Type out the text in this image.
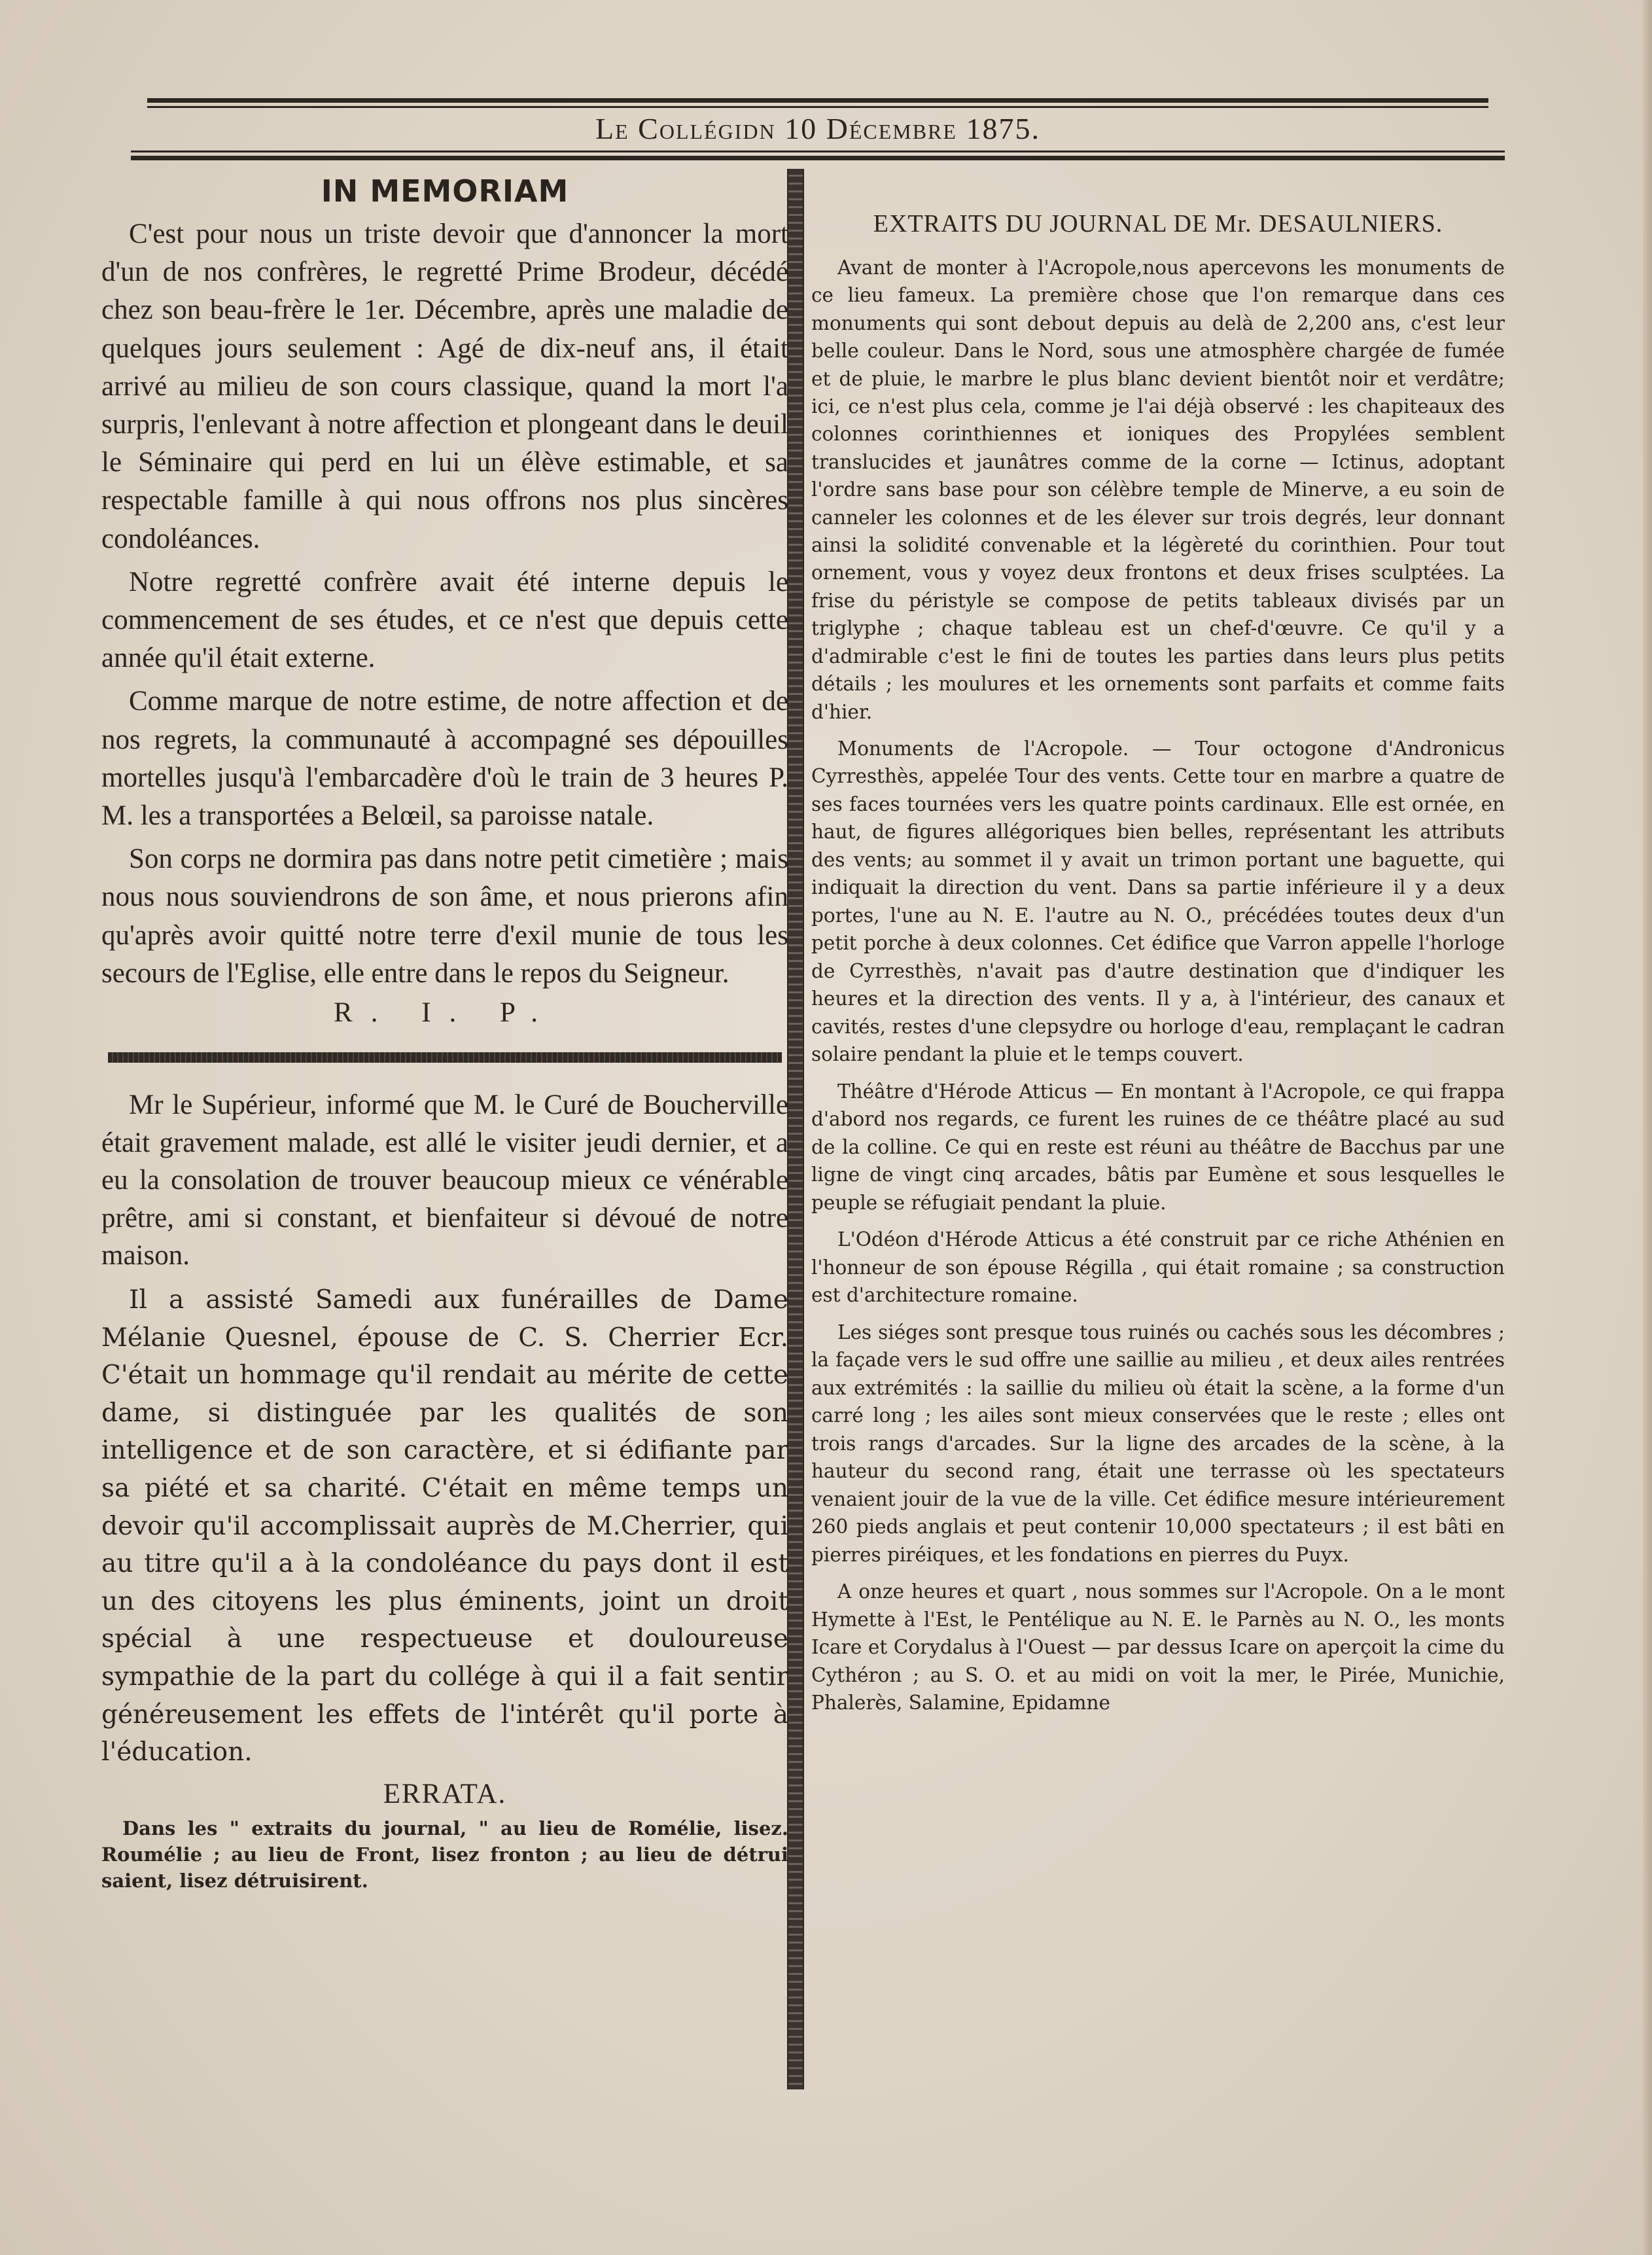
Le Collégidn 10 Décembre 1875.
IN MEMORIAM

C'est pour nous un triste devoir que d'annoncer la mort d'un de nos confrères, le regretté Prime Brodeur, décédé chez son beau-frère le 1er. Décembre, après une maladie de quelques jours seulement : Agé de dix-neuf ans, il était arrivé au milieu de son cours classique, quand la mort l'a surpris, l'enlevant à notre affection et plongeant dans le deuil le Séminaire qui perd en lui un élève estimable, et sa respectable famille à qui nous offrons nos plus sincères condoléances.

Notre regretté confrère avait été interne depuis le commencement de ses études, et ce n'est que depuis cette année qu'il était externe.

Comme marque de notre estime, de notre affection et de nos regrets, la communauté à accompagné ses dépouilles mortelles jusqu'à l'embarcadère d'où le train de 3 heures P. M. les a transportées a Belœil, sa paroisse natale.

Son corps ne dormira pas dans notre petit cimetière ; mais nous nous souviendrons de son âme, et nous prierons afin qu'après avoir quitté notre terre d'exil munie de tous les secours de l'Eglise, elle entre dans le repos du Seigneur.

R. I. P.

Mr le Supérieur, informé que M. le Curé de Boucherville était gravement malade, est allé le visiter jeudi dernier, et a eu la consolation de trouver beaucoup mieux ce vénérable prêtre, ami si constant, et bienfaiteur si dévoué de notre maison.

Il a assisté Samedi aux funérailles de Dame Mélanie Quesnel, épouse de C. S. Cherrier Ecr. C'était un hommage qu'il rendait au mérite de cette dame, si distinguée par les qualités de son intelligence et de son caractère, et si édifiante par sa piété et sa charité. C'était en même temps un devoir qu'il accomplissait auprès de M.Cherrier, qui au titre qu'il a à la condoléance du pays dont il est un des citoyens les plus éminents, joint un droit spécial à une respectueuse et douloureuse sympathie de la part du collége à qui il a fait sentir généreusement les effets de l'intérêt qu'il porte à l'éducation.

ERRATA.

Dans les " extraits du journal, " au lieu de Romélie, lisez. Roumélie ; au lieu de Front, lisez fronton ; au lieu de détrui saient, lisez détruisirent.

EXTRAITS DU JOURNAL DE Mr. DESAULNIERS.

Avant de monter à l'Acropole,nous apercevons les monuments de ce lieu fameux. La première chose que l'on remarque dans ces monuments qui sont debout depuis au delà de 2,200 ans, c'est leur belle couleur. Dans le Nord, sous une atmosphère chargée de fumée et de pluie, le marbre le plus blanc devient bientôt noir et verdâtre; ici, ce n'est plus cela, comme je l'ai déjà observé : les chapiteaux des colonnes corinthiennes et ioniques des Propylées semblent translucides et jaunâtres comme de la corne — Ictinus, adoptant l'ordre sans base pour son célèbre temple de Minerve, a eu soin de canneler les colonnes et de les élever sur trois degrés, leur donnant ainsi la solidité convenable et la légèreté du corinthien. Pour tout ornement, vous y voyez deux frontons et deux frises sculptées. La frise du péristyle se compose de petits tableaux divisés par un triglyphe ; chaque tableau est un chef-d'œuvre. Ce qu'il y a d'admirable c'est le fini de toutes les parties dans leurs plus petits détails ; les moulures et les ornements sont parfaits et comme faits d'hier.

Monuments de l'Acropole. — Tour octogone d'Andronicus Cyrresthès, appelée Tour des vents. Cette tour en marbre a quatre de ses faces tournées vers les quatre points cardinaux. Elle est ornée, en haut, de figures allégoriques bien belles, représentant les attributs des vents; au sommet il y avait un trimon portant une baguette, qui indiquait la direction du vent. Dans sa partie inférieure il y a deux portes, l'une au N. E. l'autre au N. O., précédées toutes deux d'un petit porche à deux colonnes. Cet édifice que Varron appelle l'horloge de Cyrresthès, n'avait pas d'autre destination que d'indiquer les heures et la direction des vents. Il y a, à l'intérieur, des canaux et cavités, restes d'une clepsydre ou horloge d'eau, remplaçant le cadran solaire pendant la pluie et le temps couvert.

Théâtre d'Hérode Atticus — En montant à l'Acropole, ce qui frappa d'abord nos regards, ce furent les ruines de ce théâtre placé au sud de la colline. Ce qui en reste est réuni au théâtre de Bacchus par une ligne de vingt cinq arcades, bâtis par Eumène et sous lesquelles le peuple se réfugiait pendant la pluie.

L'Odéon d'Hérode Atticus a été construit par ce riche Athénien en l'honneur de son épouse Régilla , qui était romaine ; sa construction est d'architecture romaine.

Les siéges sont presque tous ruinés ou cachés sous les décombres ; la façade vers le sud offre une saillie au milieu , et deux ailes rentrées aux extrémités : la saillie du milieu où était la scène, a la forme d'un carré long ; les ailes sont mieux conservées que le reste ; elles ont trois rangs d'arcades. Sur la ligne des arcades de la scène, à la hauteur du second rang, était une terrasse où les spectateurs venaient jouir de la vue de la ville. Cet édifice mesure intérieurement 260 pieds anglais et peut contenir 10,000 spectateurs ; il est bâti en pierres piréiques, et les fondations en pierres du Puyx.

A onze heures et quart , nous sommes sur l'Acropole. On a le mont Hymette à l'Est, le Pentélique au N. E. le Parnès au N. O., les monts Icare et Corydalus à l'Ouest — par dessus Icare on aperçoit la cime du Cythéron ; au S. O. et au midi on voit la mer, le Pirée, Munichie, Phalerès, Salamine, Epidamne
